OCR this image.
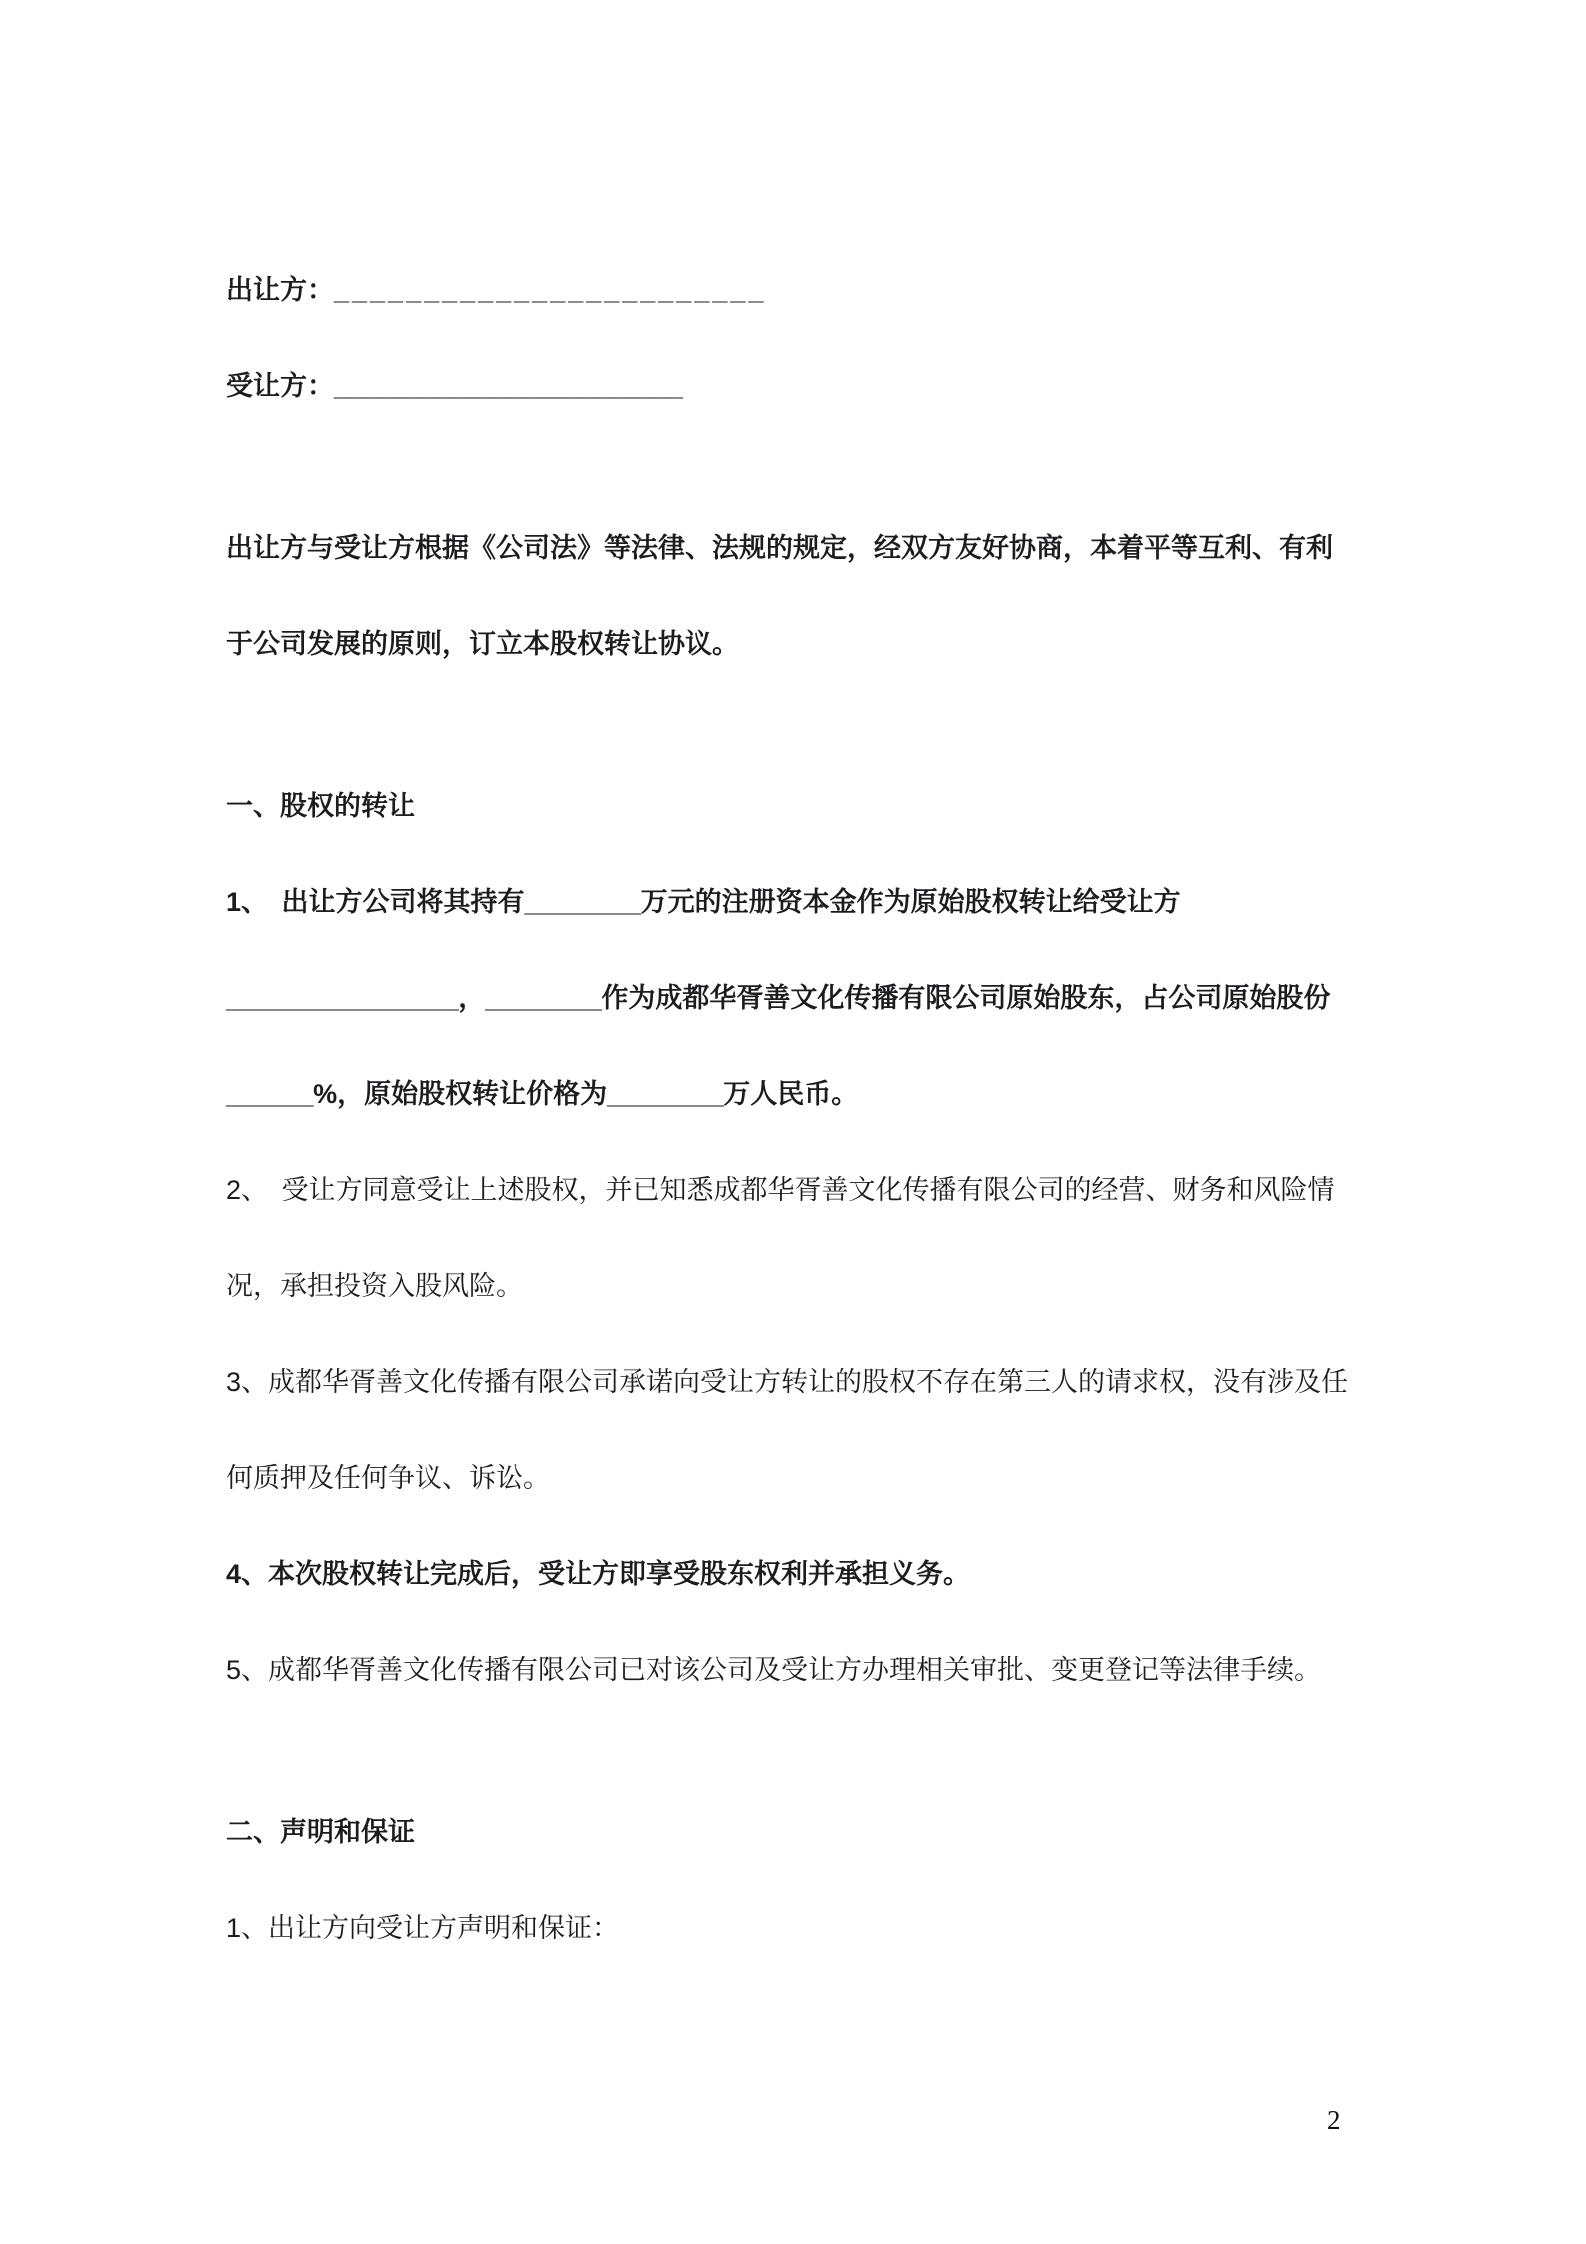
出让方：________________________
受让方：________________________
出让方与受让方根据《公司法》等法律、法规的规定，经双方友好协商，本着平等互利、有利
于公司发展的原则，订立本股权转让协议。
一、股权的转让
1、　出让方公司将其持有________万元的注册资本金作为原始股权转让给受让方
________________，________作为成都华胥善文化传播有限公司原始股东，占公司原始股份
______%，原始股权转让价格为________万人民币。
2、　受让方同意受让上述股权，并已知悉成都华胥善文化传播有限公司的经营、财务和风险情
况，承担投资入股风险。
3、成都华胥善文化传播有限公司承诺向受让方转让的股权不存在第三人的请求权，没有涉及任
何质押及任何争议、诉讼。
4、本次股权转让完成后，受让方即享受股东权利并承担义务。
5、成都华胥善文化传播有限公司已对该公司及受让方办理相关审批、变更登记等法律手续。
二、声明和保证
1、出让方向受让方声明和保证：
2
